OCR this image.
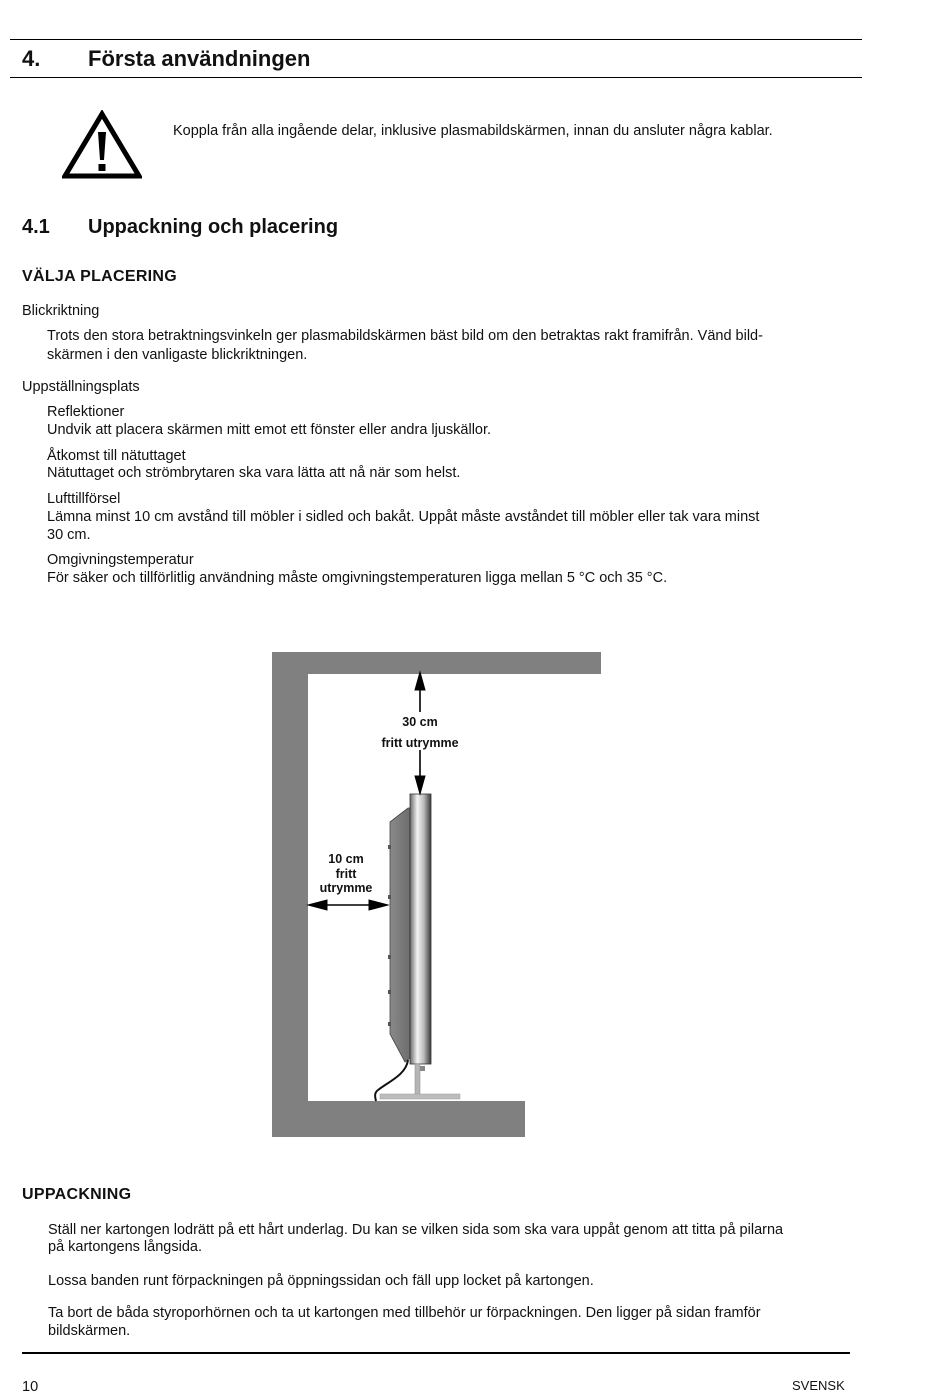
4. Första användningen
Koppla från alla ingående delar, inklusive plasmabildskärmen, innan du ansluter några kablar.
4.1 Uppackning och placering
VÄLJA PLACERING
Blickriktning
Trots den stora betraktningsvinkeln ger plasmabildskärmen bäst bild om den betraktas rakt framifrån. Vänd bild-
skärmen i den vanligaste blickriktningen.
Uppställningsplats
Reflektioner
Undvik att placera skärmen mitt emot ett fönster eller andra ljuskällor.
Åtkomst till nätuttaget
Nätuttaget och strömbrytaren ska vara lätta att nå när som helst.
Lufttillförsel
Lämna minst 10 cm avstånd till möbler i sidled och bakåt. Uppåt måste avståndet till möbler eller tak vara minst
30 cm.
Omgivningstemperatur
För säker och tillförlitlig användning måste omgivningstemperaturen ligga mellan 5 °C och 35 °C.
30 cm
fritt utrymme
10 cm
fritt
utrymme
UPPACKNING
Ställ ner kartongen lodrätt på ett hårt underlag. Du kan se vilken sida som ska vara uppåt genom att titta på pilarna
på kartongens långsida.
Lossa banden runt förpackningen på öppningssidan och fäll upp locket på kartongen.
Ta bort de båda styroporhörnen och ta ut kartongen med tillbehör ur förpackningen. Den ligger på sidan framför
bildskärmen.
10	SVENSK
